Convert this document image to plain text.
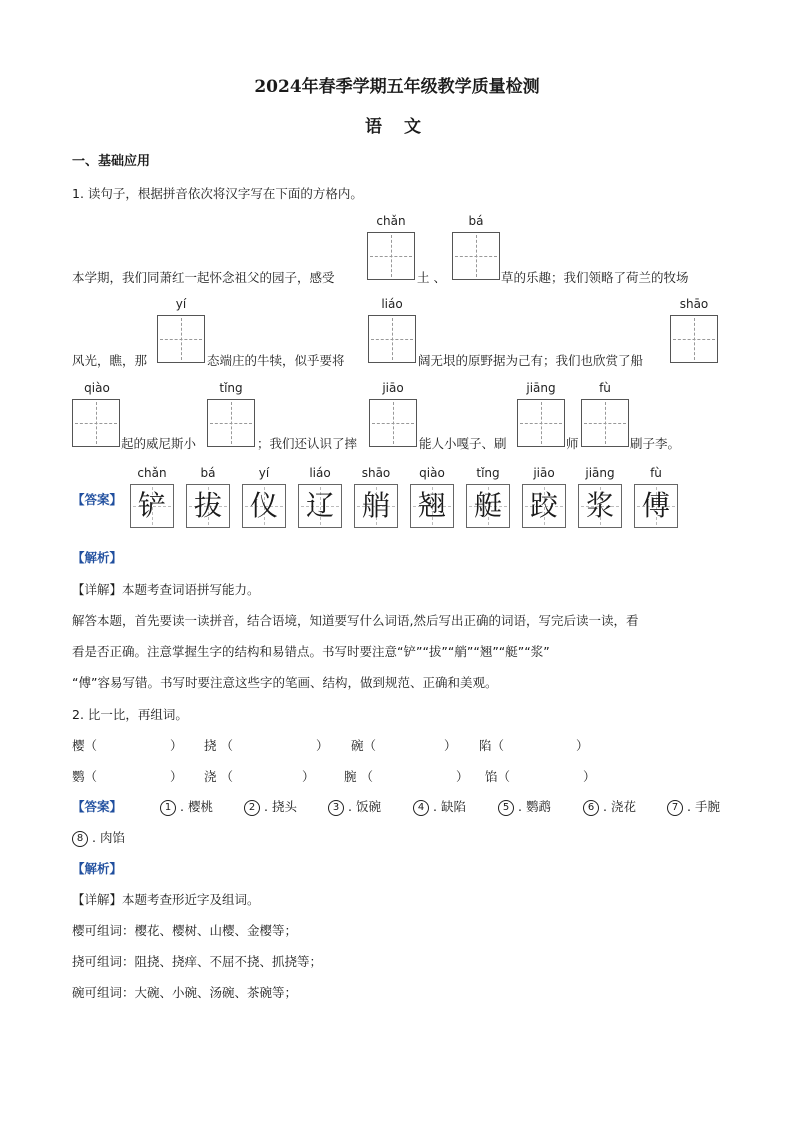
2024年春季学期五年级教学质量检测
语 文
一、基础应用
1. 读句子，根据拼音依次将汉字写在下面的方格内。
chǎn	bá
本学期，我们同萧红一起怀念祖父的园子，感受	土 、	草的乐趣；我们领略了荷兰的牧场
yí	liáo	shāo
风光，瞧，那	态端庄的牛犊，似乎要将	阔无垠的原野据为己有；我们也欣赏了船
qiào	tǐng	jiāo	jiāng	fù
起的威尼斯小	；我们还认识了摔	能人小嘎子、刷	师	刷子李。
【答案】
chǎn	bá	yí	liáo	shāo	qiào	tǐng	jiāo	jiāng	fù
铲 拔 仪 辽 艄 翘 艇 跤 浆 傅
【解析】
【详解】本题考查词语拼写能力。
解答本题，首先要读一读拼音，结合语境，知道要写什么词语,然后写出正确的词语，写完后读一读，看
看是否正确。注意掌握生字的结构和易错点。书写时要注意“铲”“拔”“艄”“翘”“艇”“浆”
“傅”容易写错。书写时要注意这些字的笔画、结构，做到规范、正确和美观。
2. 比一比，再组词。
樱（	） 挠 （	） 碗（	） 陷（	）
鹦（	） 浇 （	） 腕 （	） 馅（	）
【答案】	1 . 樱桃	2 . 挠头	3 . 饭碗	4 . 缺陷	5 . 鹦鹉	6 . 浇花	7 . 手腕
8 . 肉馅
【解析】
【详解】本题考查形近字及组词。
樱可组词：樱花、樱树、山樱、金樱等；
挠可组词：阻挠、挠痒、不屈不挠、抓挠等；
碗可组词：大碗、小碗、汤碗、茶碗等；
